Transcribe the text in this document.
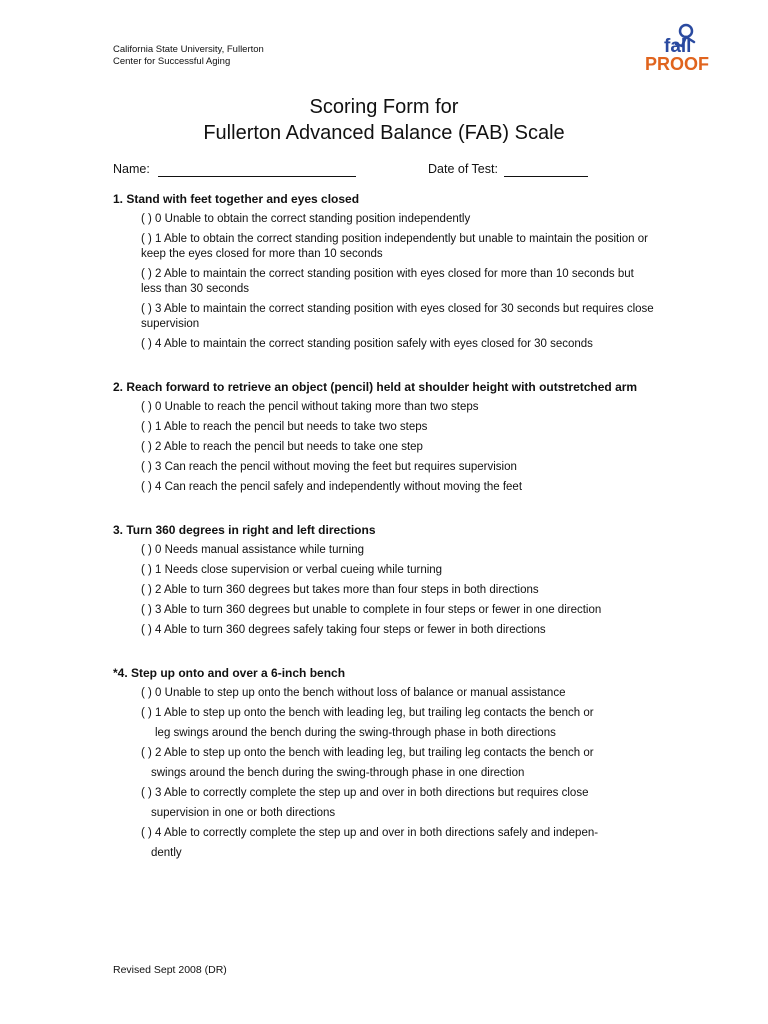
California State University, Fullerton
Center for Successful Aging
fall
PROOF
Scoring Form for
Fullerton Advanced Balance (FAB) Scale
Name:	Date of Test:
1. Stand with feet together and eyes closed
( ) 0 Unable to obtain the correct standing position independently
( ) 1 Able to obtain the correct standing position independently but unable to maintain the position or
keep the eyes closed for more than 10 seconds
( ) 2 Able to maintain the correct standing position with eyes closed for more than 10 seconds but
less than 30 seconds
( ) 3 Able to maintain the correct standing position with eyes closed for 30 seconds but requires close
supervision
( ) 4 Able to maintain the correct standing position safely with eyes closed for 30 seconds
2. Reach forward to retrieve an object (pencil) held at shoulder height with outstretched arm
( ) 0 Unable to reach the pencil without taking more than two steps
( ) 1 Able to reach the pencil but needs to take two steps
( ) 2 Able to reach the pencil but needs to take one step
( ) 3 Can reach the pencil without moving the feet but requires supervision
( ) 4 Can reach the pencil safely and independently without moving the feet
3. Turn 360 degrees in right and left directions
( ) 0 Needs manual assistance while turning
( ) 1 Needs close supervision or verbal cueing while turning
( ) 2 Able to turn 360 degrees but takes more than four steps in both directions
( ) 3 Able to turn 360 degrees but unable to complete in four steps or fewer in one direction
( ) 4 Able to turn 360 degrees safely taking four steps or fewer in both directions
*4. Step up onto and over a 6-inch bench
( ) 0 Unable to step up onto the bench without loss of balance or manual assistance
( ) 1 Able to step up onto the bench with leading leg, but trailing leg contacts the bench or
leg swings around the bench during the swing-through phase in both directions
( ) 2 Able to step up onto the bench with leading leg, but trailing leg contacts the bench or
swings around the bench during the swing-through phase in one direction
( ) 3 Able to correctly complete the step up and over in both directions but requires close
supervision in one or both directions
( ) 4 Able to correctly complete the step up and over in both directions safely and indepen-
dently
Revised Sept 2008 (DR)
